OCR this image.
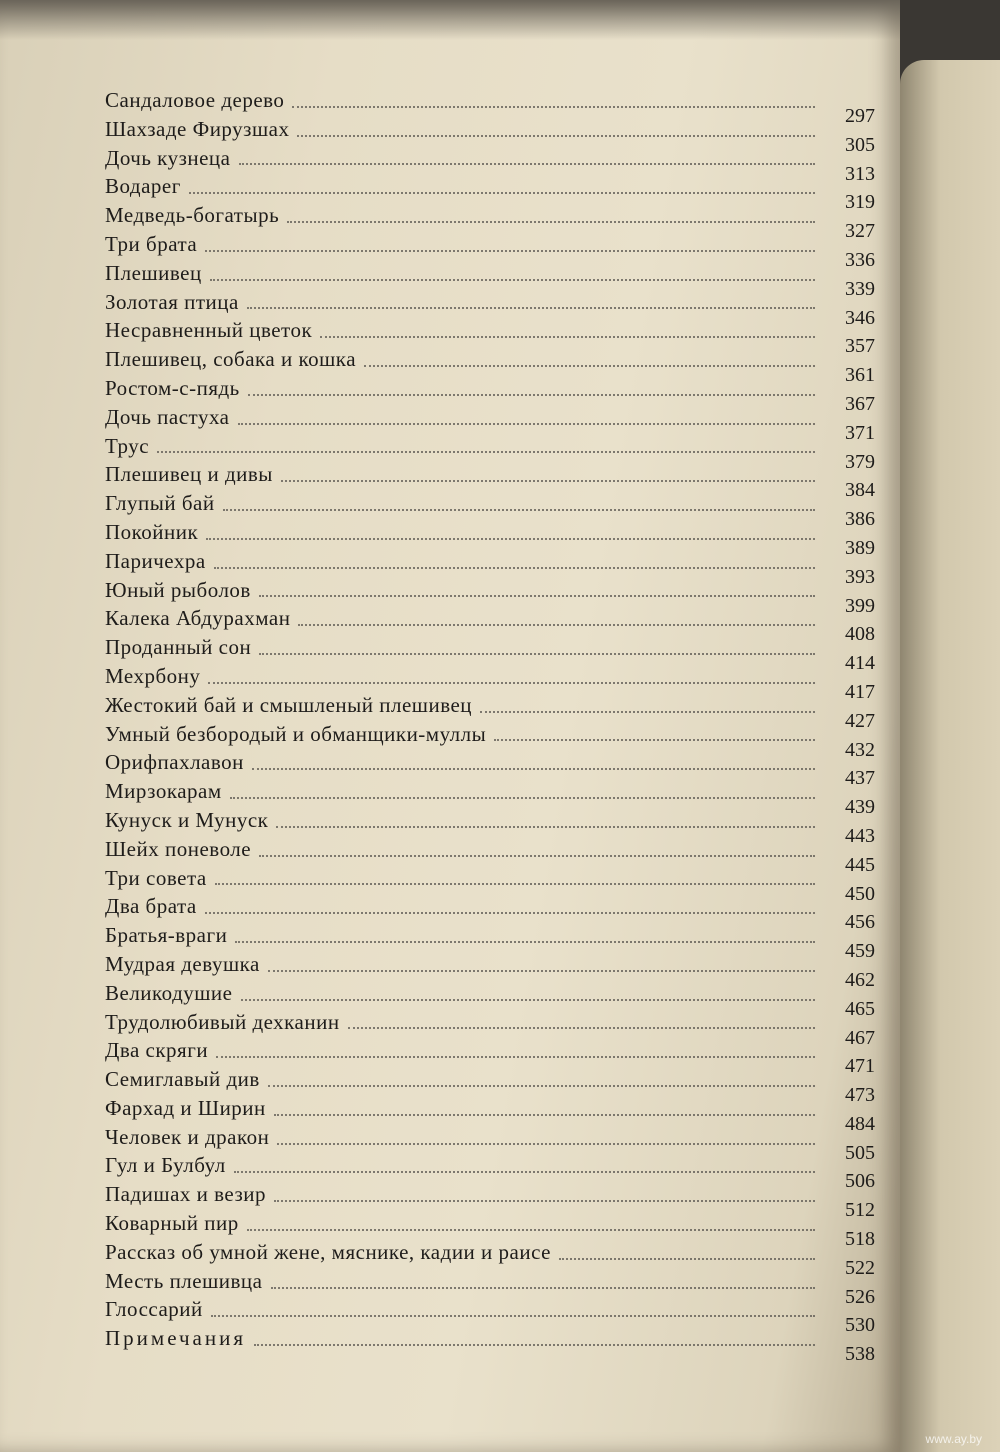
Сандаловое дерево
297
Шахзаде Фирузшах
305
Дочь кузнеца
313
Водарег
319
Медведь-богатырь
327
Три брата
336
Плешивец
339
Золотая птица
346
Несравненный цветок
357
Плешивец, собака и кошка
361
Ростом-с-пядь
367
Дочь пастуха
371
Трус
379
Плешивец и дивы
384
Глупый бай
386
Покойник
389
Паричехра
393
Юный рыболов
399
Калека Абдурахман
408
Проданный сон
414
Мехрбону
417
Жестокий бай и смышленый плешивец
427
Умный безбородый и обманщики-муллы
432
Орифпахлавон
437
Мирзокарам
439
Кунуск и Мунуск
443
Шейх поневоле
445
Три совета
450
Два брата
456
Братья-враги
459
Мудрая девушка
462
Великодушие
465
Трудолюбивый дехканин
467
Два скряги
471
Семиглавый див
473
Фархад и Ширин
484
Человек и дракон
505
Гул и Булбул
506
Падишах и везир
512
Коварный пир
518
Рассказ об умной жене, мяснике, кадии и раисе
522
Месть плешивца
526
Глоссарий
530
Примечания
538
www.ay.by
